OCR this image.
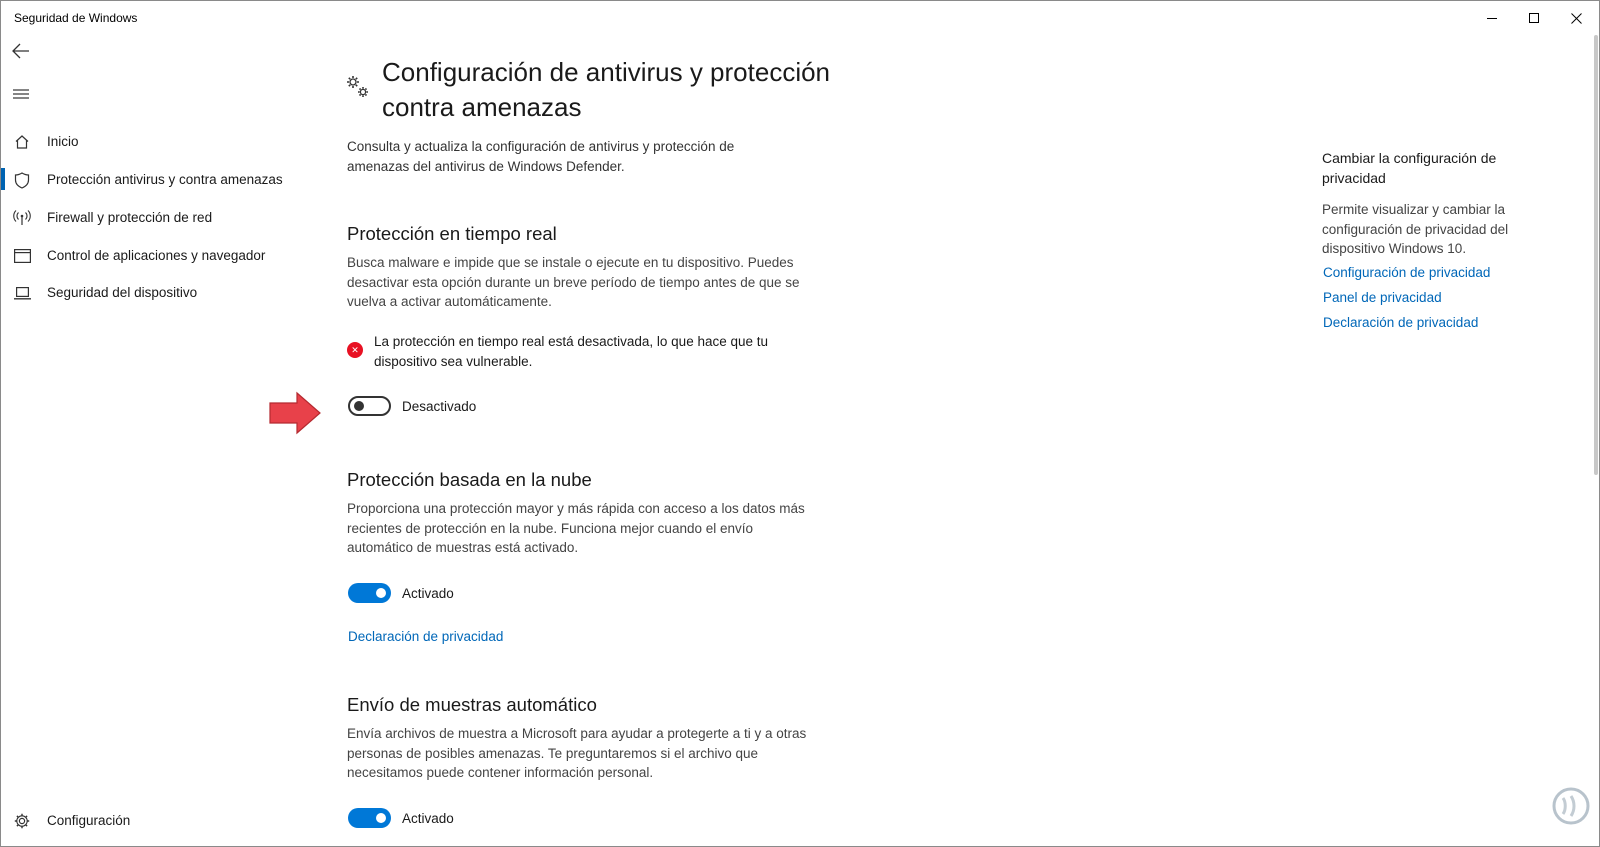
Seguridad de Windows
Inicio
Protección antivirus y contra amenazas
Firewall y protección de red
Control de aplicaciones y navegador
Seguridad del dispositivo
Configuración
Configuración de antivirus y protección contra amenazas

Consulta y actualiza la configuración de antivirus y protección de amenazas del antivirus de Windows Defender.

Protección en tiempo real

Busca malware e impide que se instale o ejecute en tu dispositivo. Puedes desactivar esta opción durante un breve período de tiempo antes de que se vuelva a activar automáticamente.

✕
La protección en tiempo real está desactivada, lo que hace que tu dispositivo sea vulnerable.
Desactivado
Protección basada en la nube

Proporciona una protección mayor y más rápida con acceso a los datos más recientes de protección en la nube. Funciona mejor cuando el envío automático de muestras está activado.

Activado
Declaración de privacidad
Envío de muestras automático

Envía archivos de muestra a Microsoft para ayudar a protegerte a ti y a otras personas de posibles amenazas. Te preguntaremos si el archivo que necesitamos puede contener información personal.

Activado

Cambiar la configuración de privacidad

Permite visualizar y cambiar la configuración de privacidad del dispositivo Windows 10.

Configuración de privacidad
Panel de privacidad
Declaración de privacidad
